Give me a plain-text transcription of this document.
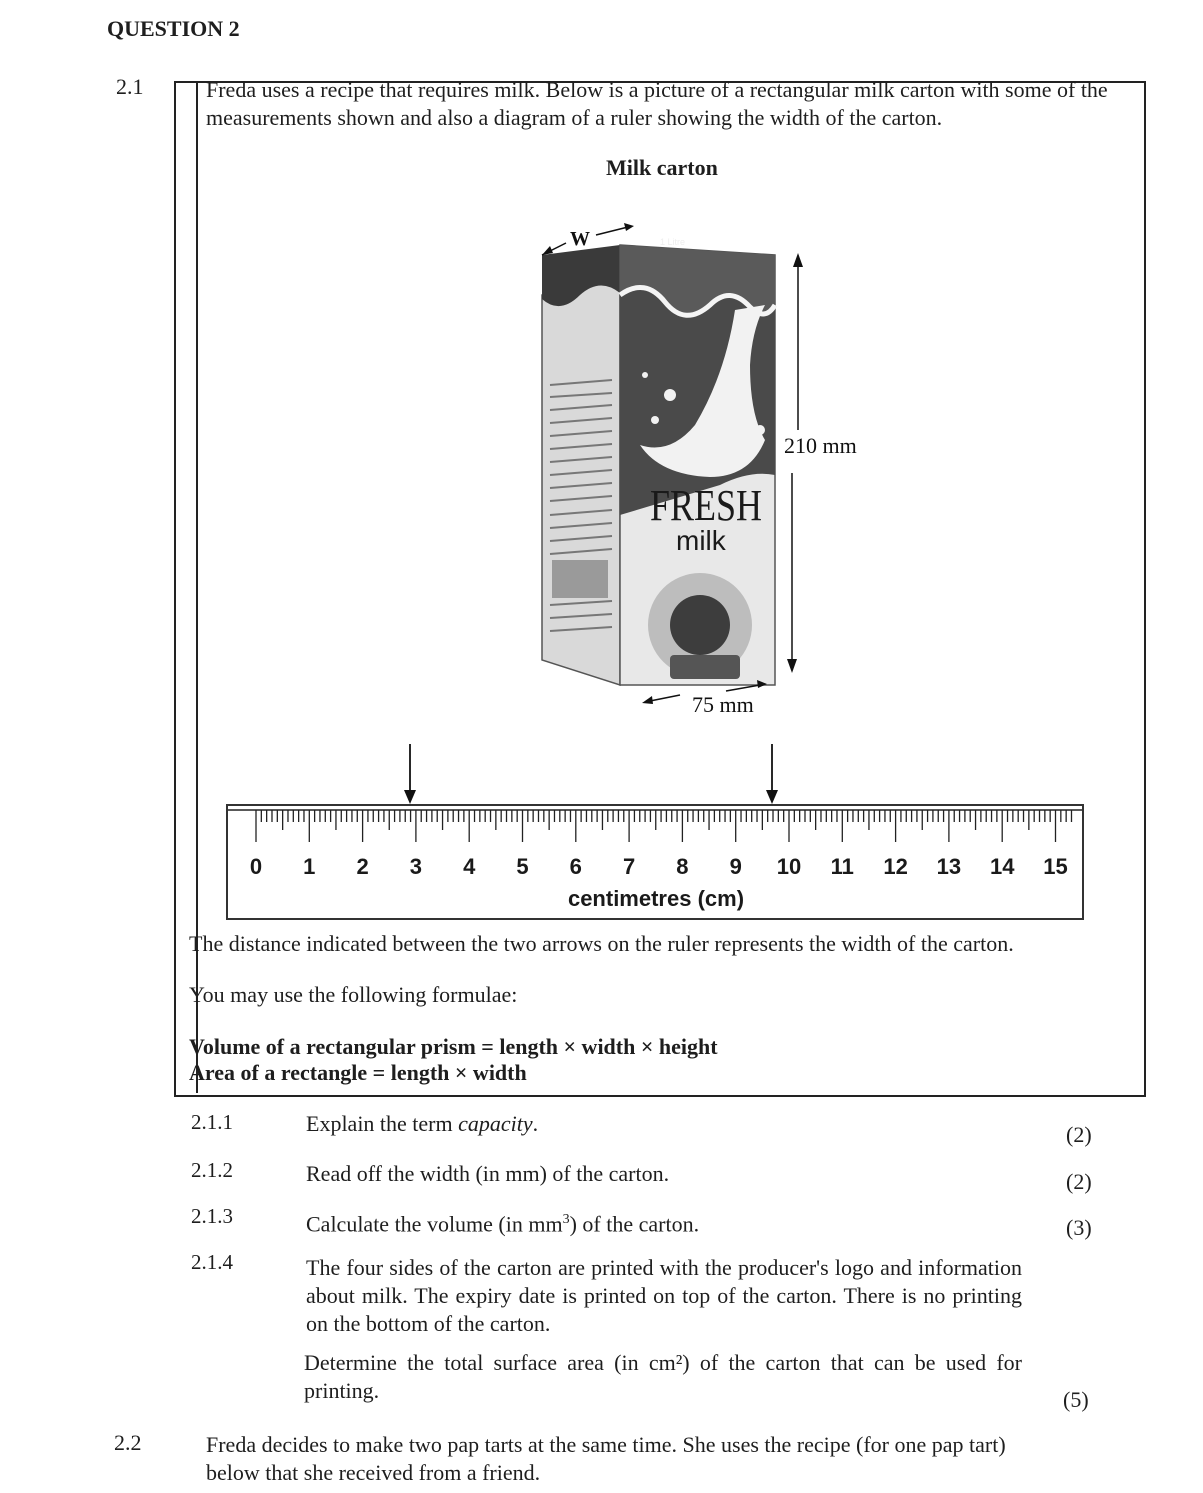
QUESTION 2
2.1	Freda uses a recipe that requires milk. Below is a picture of a rectangular milk carton with some of the measurements shown and also a diagram of a ruler showing the width of the carton.
Milk carton
1 Litre
FRESH
milk
W
210 mm
75 mm
0 1 2 3 4 5 6 7 8 9 10 11 12 13 14 15
centimetres (cm)
The distance indicated between the two arrows on the ruler represents the width of the carton.
You may use the following formulae:
Volume of a rectangular prism = length × width × height
Area of a rectangle = length × width
2.1.1	Explain the term capacity.	(2)
2.1.2	Read off the width (in mm) of the carton.	(2)
2.1.3	Calculate the volume (in $mm^3$) of the carton.	(3)
2.1.4	The four sides of the carton are printed with the producer's logo and information about milk. The expiry date is printed on top of the carton. There is no printing on the bottom of the carton.
Determine the total surface area (in cm²) of the carton that can be used for printing.	(5)
2.2	Freda decides to make two pap tarts at the same time. She uses the recipe (for one pap tart) below that she received from a friend.
